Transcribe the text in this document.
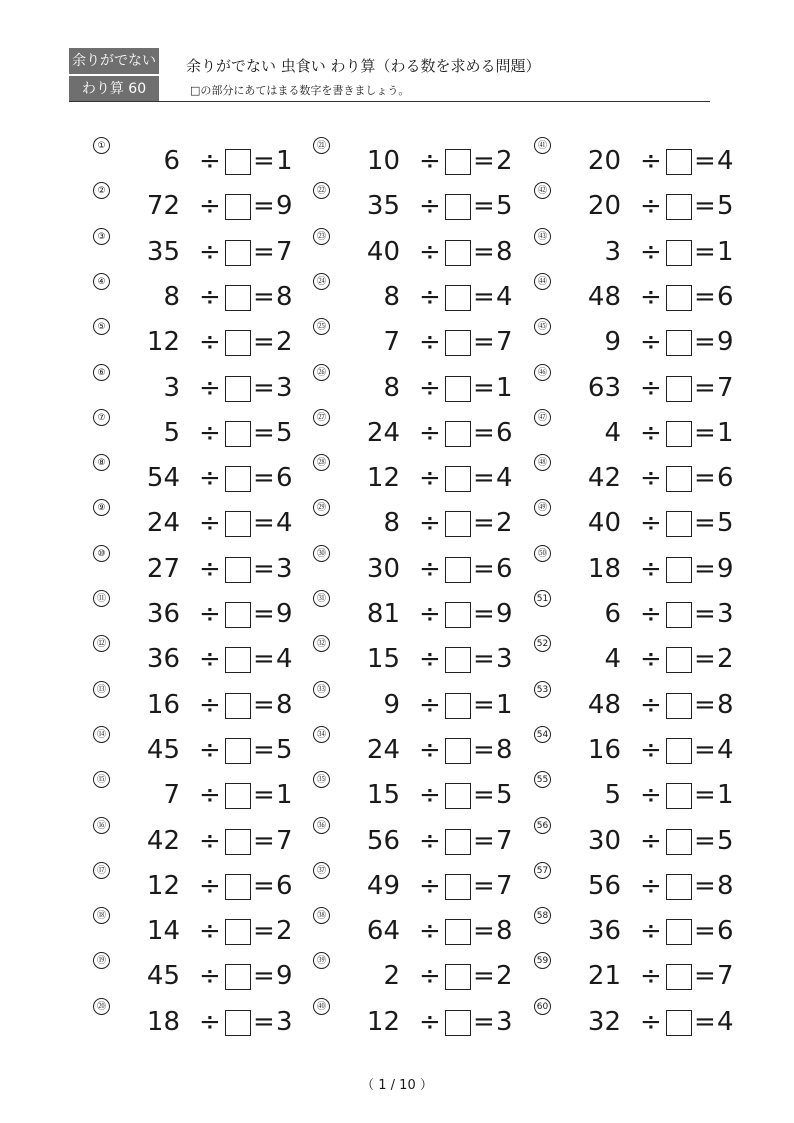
余りがでない
わり算 60
余りがでない 虫食い わり算（わる数を求める問題）
□の部分にあてはまる数字を書きましょう。
① 6 ÷ = 1
② 72 ÷ = 9
③ 35 ÷ = 7
④ 8 ÷ = 8
⑤ 12 ÷ = 2
⑥ 3 ÷ = 3
⑦ 5 ÷ = 5
⑧ 54 ÷ = 6
⑨ 24 ÷ = 4
⑩ 27 ÷ = 3
⑪ 36 ÷ = 9
⑫ 36 ÷ = 4
⑬ 16 ÷ = 8
⑭ 45 ÷ = 5
⑮ 7 ÷ = 1
⑯ 42 ÷ = 7
⑰ 12 ÷ = 6
⑱ 14 ÷ = 2
⑲ 45 ÷ = 9
⑳ 18 ÷ = 3
㉑ 10 ÷ = 2
㉒ 35 ÷ = 5
㉓ 40 ÷ = 8
㉔ 8 ÷ = 4
㉕ 7 ÷ = 7
㉖ 8 ÷ = 1
㉗ 24 ÷ = 6
㉘ 12 ÷ = 4
㉙ 8 ÷ = 2
㉚ 30 ÷ = 6
㉛ 81 ÷ = 9
㉜ 15 ÷ = 3
㉝ 9 ÷ = 1
㉞ 24 ÷ = 8
㉟ 15 ÷ = 5
㊱ 56 ÷ = 7
㊲ 49 ÷ = 7
㊳ 64 ÷ = 8
㊴ 2 ÷ = 2
㊵ 12 ÷ = 3
㊶ 20 ÷ = 4
㊷ 20 ÷ = 5
㊸ 3 ÷ = 1
㊹ 48 ÷ = 6
㊺ 9 ÷ = 9
㊻ 63 ÷ = 7
㊼ 4 ÷ = 1
㊽ 42 ÷ = 6
㊾ 40 ÷ = 5
㊿ 18 ÷ = 9
51 6 ÷ = 3
52 4 ÷ = 2
53 48 ÷ = 8
54 16 ÷ = 4
55 5 ÷ = 1
56 30 ÷ = 5
57 56 ÷ = 8
58 36 ÷ = 6
59 21 ÷ = 7
60 32 ÷ = 4
（ 1 / 10 ）
